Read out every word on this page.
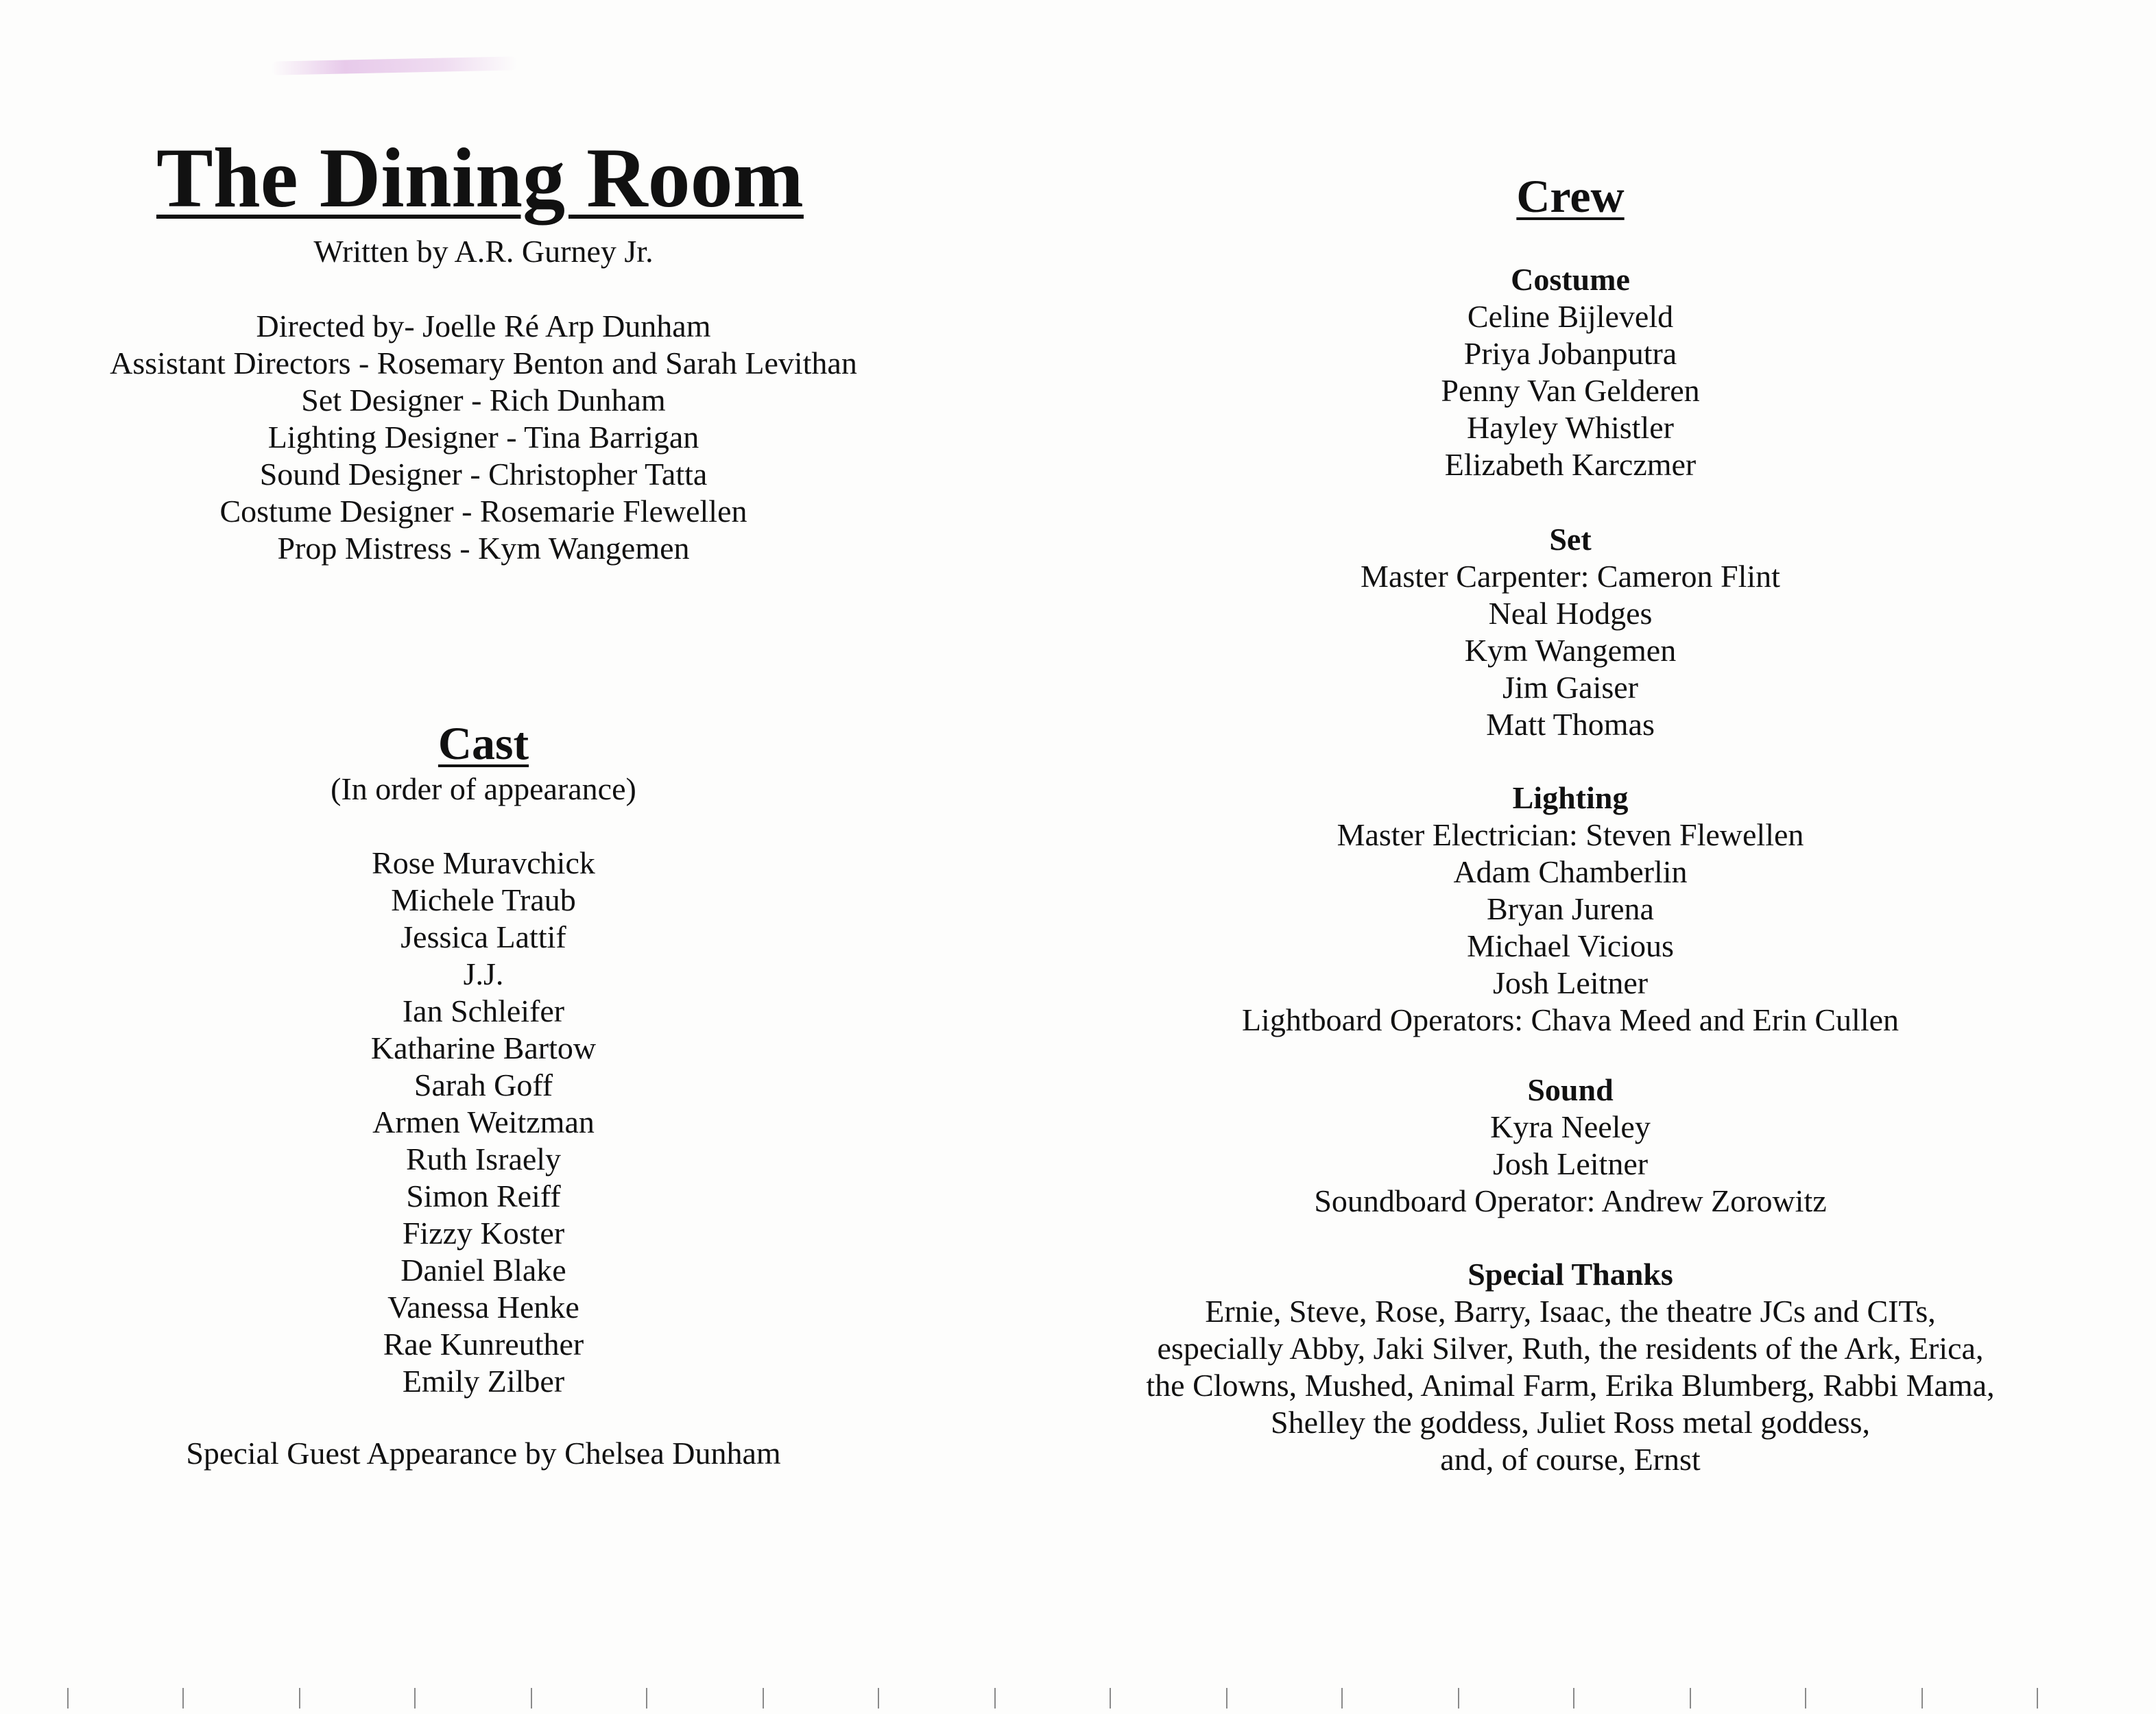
The Dining Room
Written by A.R. Gurney Jr.
Directed by- Joelle Ré Arp Dunham
Assistant Directors - Rosemary Benton and Sarah Levithan
Set Designer - Rich Dunham
Lighting Designer - Tina Barrigan
Sound Designer - Christopher Tatta
Costume Designer - Rosemarie Flewellen
Prop Mistress - Kym Wangemen
Cast
(In order of appearance)
Rose Muravchick
Michele Traub
Jessica Lattif
J.J.
Ian Schleifer
Katharine Bartow
Sarah Goff
Armen Weitzman
Ruth Israely
Simon Reiff
Fizzy Koster
Daniel Blake
Vanessa Henke
Rae Kunreuther
Emily Zilber
Special Guest Appearance by Chelsea Dunham
Crew
Costume
Celine Bijleveld
Priya Jobanputra
Penny Van Gelderen
Hayley Whistler
Elizabeth Karczmer
Set
Master Carpenter: Cameron Flint
Neal Hodges
Kym Wangemen
Jim Gaiser
Matt Thomas
Lighting
Master Electrician: Steven Flewellen
Adam Chamberlin
Bryan Jurena
Michael Vicious
Josh Leitner
Lightboard Operators: Chava Meed and Erin Cullen
Sound
Kyra Neeley
Josh Leitner
Soundboard Operator: Andrew Zorowitz
Special Thanks
Ernie, Steve, Rose, Barry, Isaac, the theatre JCs and CITs,
especially Abby, Jaki Silver, Ruth, the residents of the Ark, Erica,
the Clowns, Mushed, Animal Farm, Erika Blumberg, Rabbi Mama,
Shelley the goddess, Juliet Ross metal goddess,
and, of course, Ernst
